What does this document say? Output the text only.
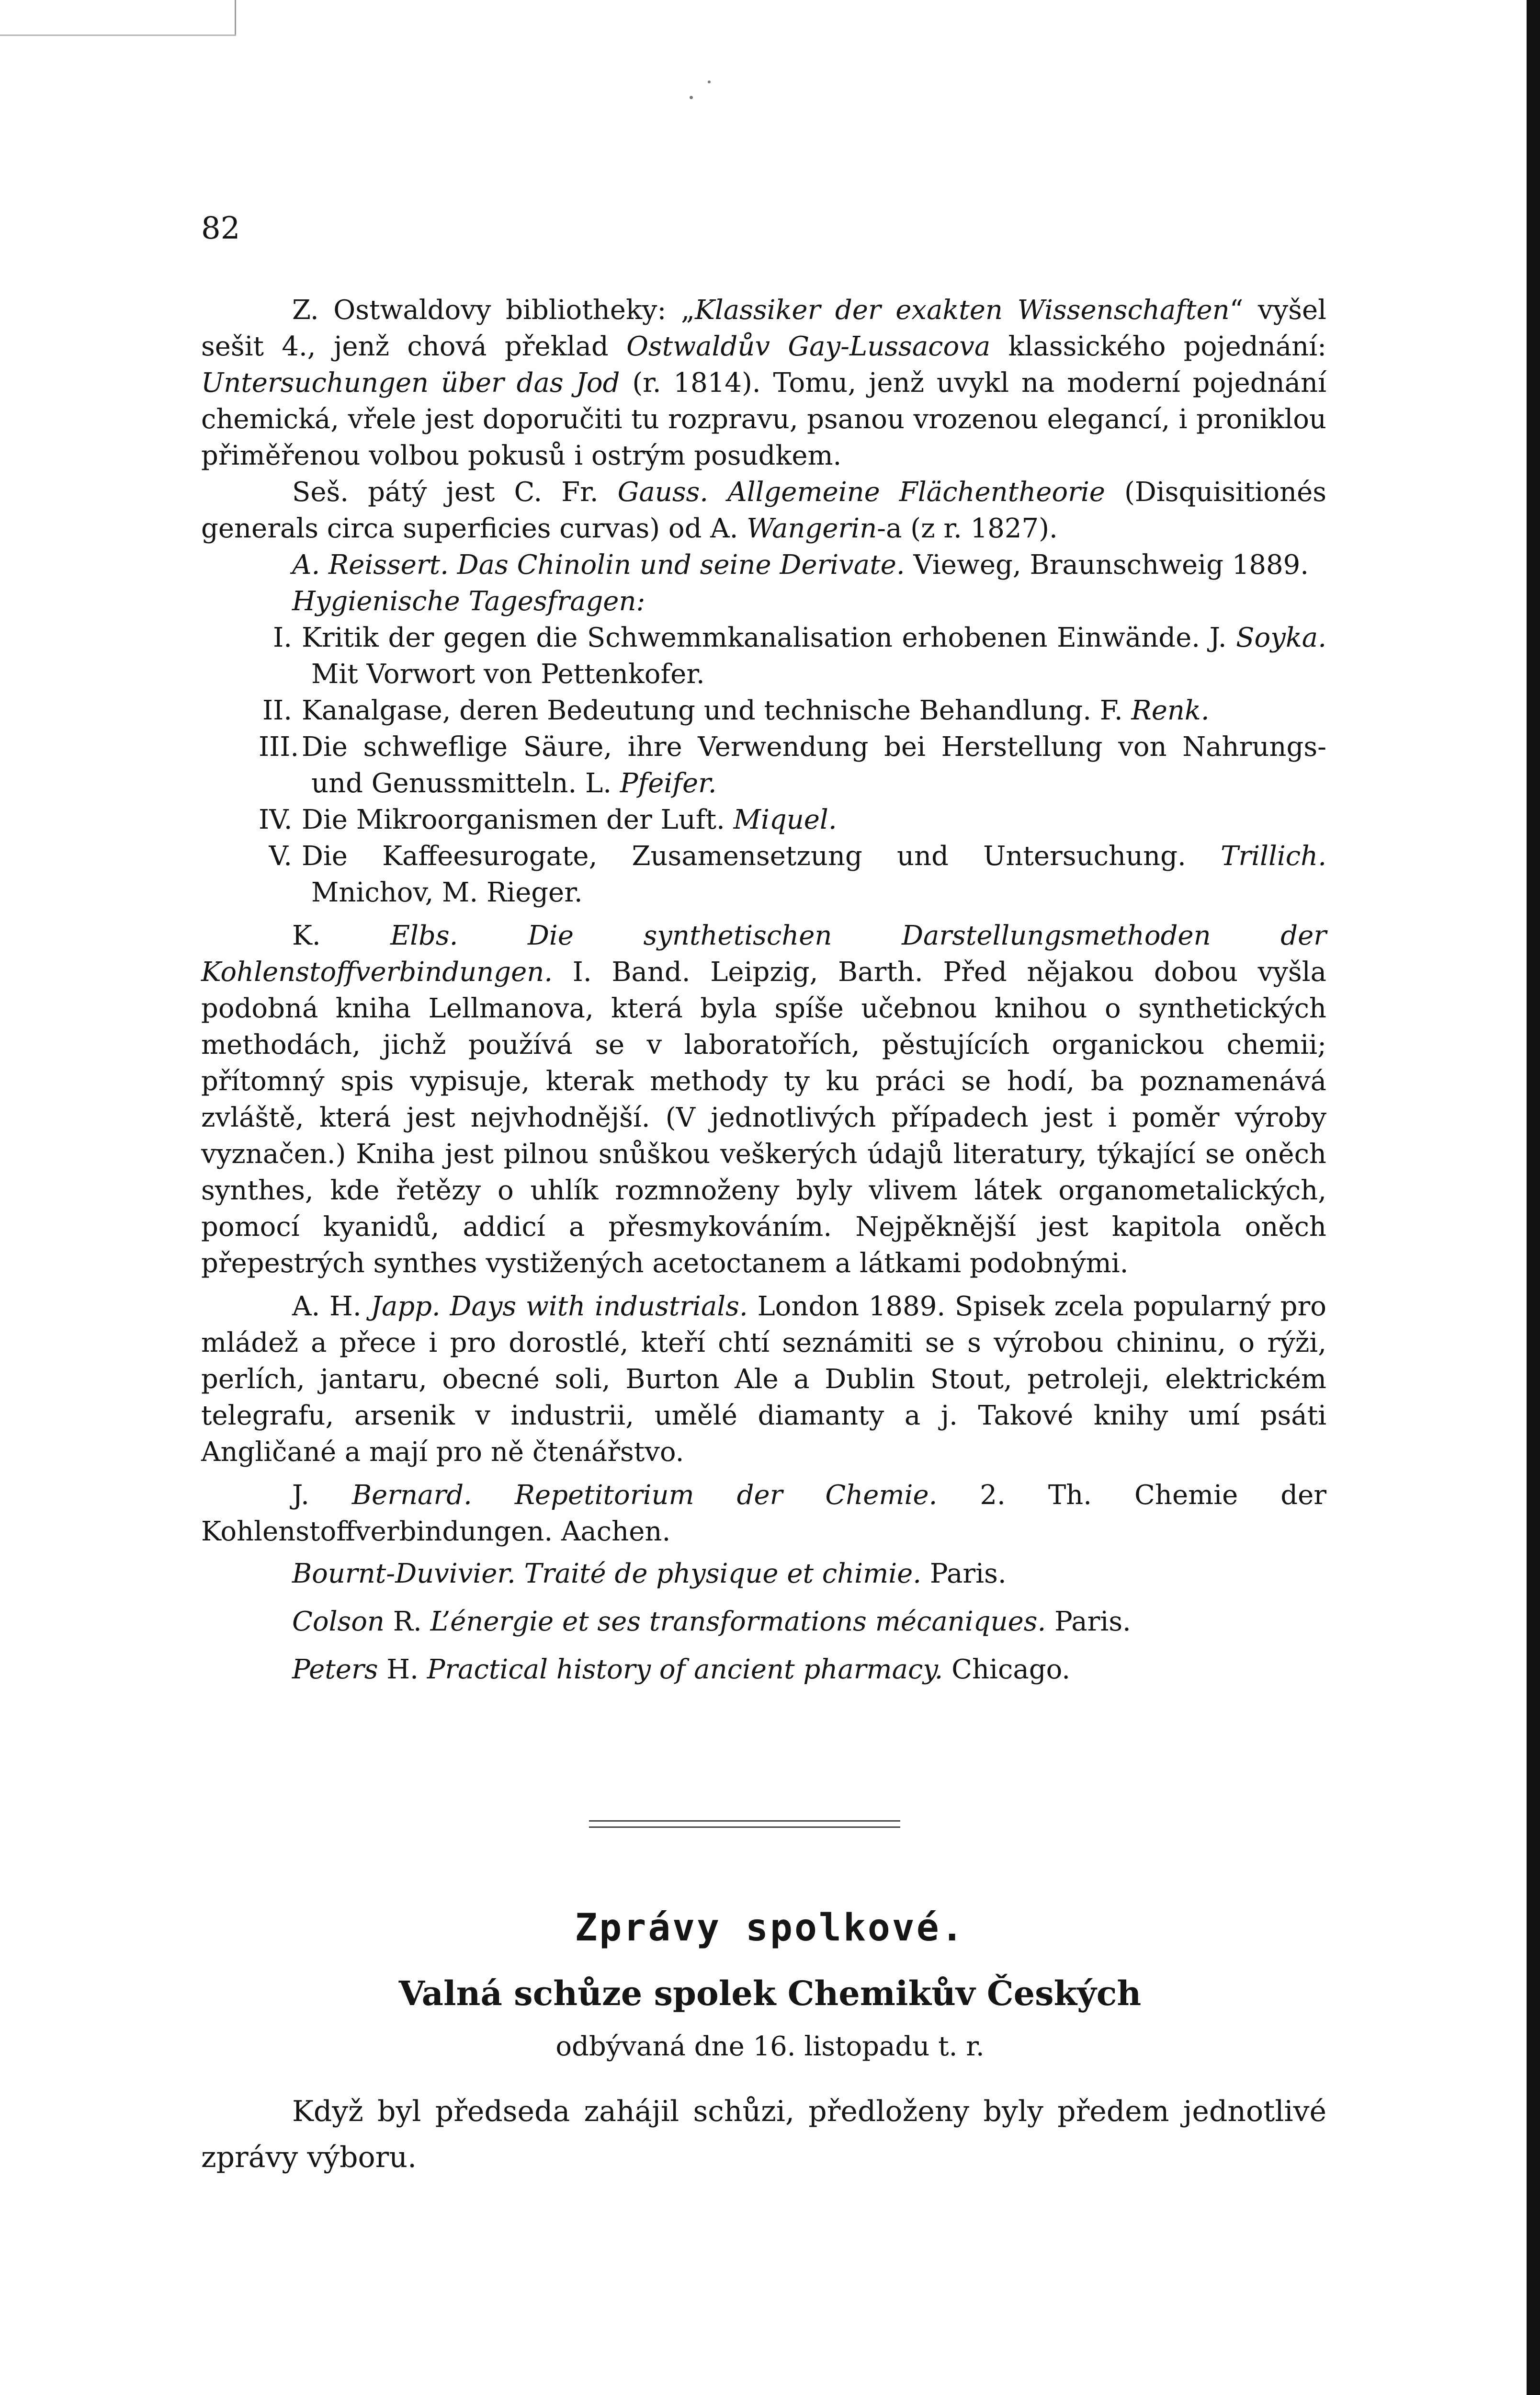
82

Z. Ostwaldovy bibliotheky: „Klassiker der exakten Wissenschaften“ vyšel sešit 4., jenž chová překlad Ostwaldův Gay-Lussacova klassického pojednání: Untersuchungen über das Jod (r. 1814). Tomu, jenž uvykl na moderní pojednání chemická, vřele jest doporučiti tu rozpravu, psanou vrozenou elegancí, i proniklou přiměřenou volbou pokusů i ostrým posudkem.

Seš. pátý jest C. Fr. Gauss. Allgemeine Flächentheorie (Disquisitionés generals circa superficies curvas) od A. Wangerin-a (z r. 1827).

A. Reissert. Das Chinolin und seine Derivate. Vieweg, Braunschweig 1889.

Hygienische Tagesfragen:

I. Kritik der gegen die Schwemmkanalisation erhobenen Einwände. J. Soyka. Mit Vorwort von Pettenkofer.

II. Kanalgase, deren Bedeutung und technische Behandlung. F. Renk.

III. Die schweflige Säure, ihre Verwendung bei Herstellung von Nahrungs- und Genussmitteln. L. Pfeifer.

IV. Die Mikroorganismen der Luft. Miquel.

V. Die Kaffeesurogate, Zusamensetzung und Untersuchung. Trillich. Mnichov, M. Rieger.

K. Elbs. Die synthetischen Darstellungsmethoden der Kohlenstoffverbindungen. I. Band. Leipzig, Barth. Před nějakou dobou vyšla podobná kniha Lellmanova, která byla spíše učebnou knihou o synthetických methodách, jichž používá se v laboratořích, pěstujících organickou chemii; přítomný spis vypisuje, kterak methody ty ku práci se hodí, ba poznamenává zvláště, která jest nejvhodnější. (V jednotlivých případech jest i poměr výroby vyznačen.) Kniha jest pilnou snůškou veškerých údajů literatury, týkající se oněch synthes, kde řetězy o uhlík rozmnoženy byly vlivem látek organometalických, pomocí kyanidů, addicí a přesmykováním. Nejpěknější jest kapitola oněch přepestrých synthes vystižených acetoctanem a látkami podobnými.

A. H. Japp. Days with industrials. London 1889. Spisek zcela popularný pro mládež a přece i pro dorostlé, kteří chtí seznámiti se s výrobou chininu, o rýži, perlích, jantaru, obecné soli, Burton Ale a Dublin Stout, petroleji, elektrickém telegrafu, arsenik v industrii, umělé diamanty a j. Takové knihy umí psáti Angličané a mají pro ně čtenářstvo.

J. Bernard. Repetitorium der Chemie. 2. Th. Chemie der Kohlenstoffverbindungen. Aachen.

Bournt-Duvivier. Traité de physique et chimie. Paris.

Colson R. L’énergie et ses transformations mécaniques. Paris.

Peters H. Practical history of ancient pharmacy. Chicago.

Zprávy spolkové.
Valná schůze spolek Chemikův Českých
odbývaná dne 16. listopadu t. r.

Když byl předseda zahájil schůzi, předloženy byly předem jednotlivé zprávy výboru.
